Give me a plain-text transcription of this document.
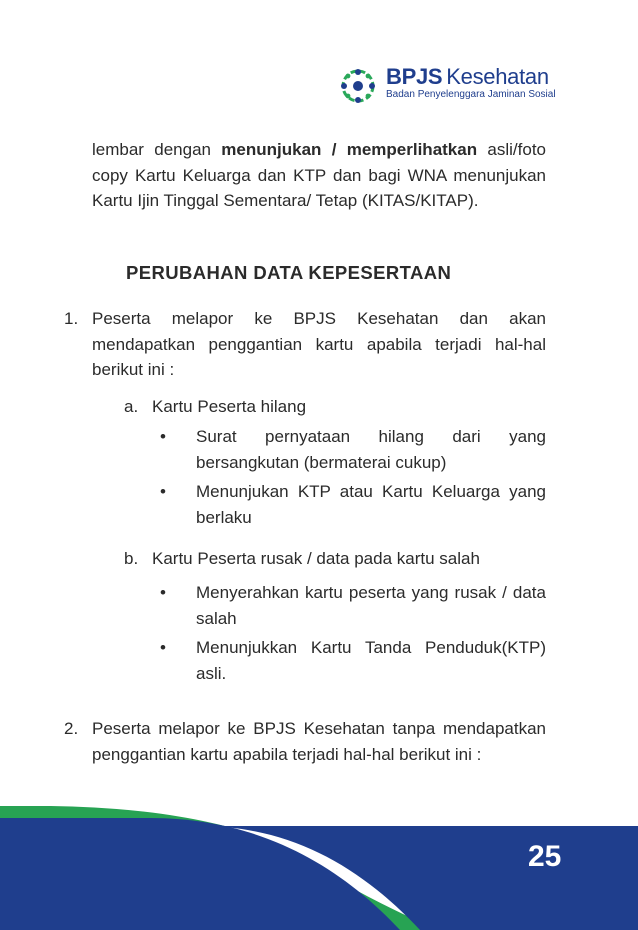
BPJS Kesehatan
Badan Penyelenggara Jaminan Sosial

lembar dengan menunjukan / memperlihatkan asli/foto copy Kartu Keluarga dan KTP dan bagi WNA menunjukan Kartu Ijin Tinggal Sementara/ Tetap (KITAS/KITAP).

PERUBAHAN DATA KEPESERTAAN
1. Peserta melapor ke BPJS Kesehatan dan akan mendapatkan penggantian kartu apabila terjadi hal-hal berikut ini :

a. Kartu Peserta hilang
• Surat pernyataan hilang dari yang bersangkutan (bermaterai cukup)

• Menunjukan KTP atau Kartu Keluarga yang berlaku

b. Kartu Peserta rusak / data pada kartu salah
• Menyerahkan kartu peserta yang rusak / data salah

• Menunjukkan Kartu Tanda Penduduk(KTP) asli.

2. Peserta melapor ke BPJS Kesehatan tanpa mendapatkan penggantian kartu apabila terjadi hal-hal berikut ini :

25
